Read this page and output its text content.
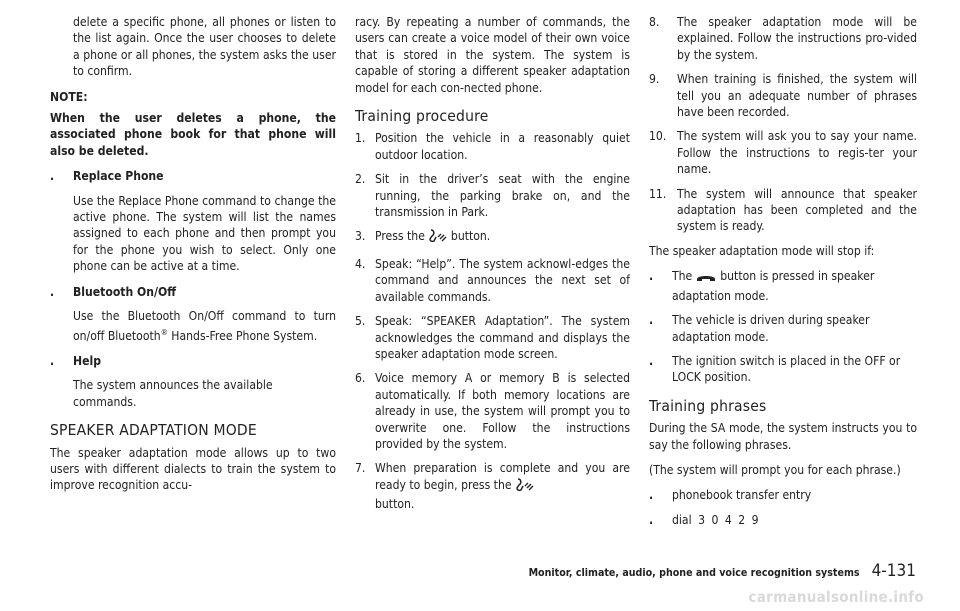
delete a specific phone, all phones or listen to the list again. Once the user chooses to delete a phone or all phones, the system asks the user to confirm.

NOTE:

When the user deletes a phone, the associated phone book for that phone will also be deleted.

.	Replace Phone

Use the Replace Phone command to change the active phone. The system will list the names assigned to each phone and then prompt you for the phone you wish to select. Only one phone can be active at a time.

.	Bluetooth On/Off

Use the Bluetooth On/Off command to turn on/off Bluetooth® Hands-Free Phone System.

.	Help

The system announces the available commands.

SPEAKER ADAPTATION MODE

The speaker adaptation mode allows up to two users with different dialects to train the system to improve recognition accu-

racy. By repeating a number of commands, the users can create a voice model of their own voice that is stored in the system. The system is capable of storing a different speaker adaptation model for each con-nected phone.

Training procedure
1. Position the vehicle in a reasonably quiet outdoor location.
2. Sit in the driver’s seat with the engine running, the parking brake on, and the transmission in Park.
3. Press the button.
4. Speak: “Help”. The system acknowl-edges the command and announces the next set of available commands.
5. Speak: “SPEAKER Adaptation”. The system acknowledges the command and displays the speaker adaptation mode screen.
6. Voice memory A or memory B is selected automatically. If both memory locations are already in use, the system will prompt you to overwrite one. Follow the instructions provided by the system.
7. When preparation is complete and you are ready to begin, press the
button.
8.	The speaker adaptation mode will be explained. Follow the instructions pro-vided by the system.
9.	When training is finished, the system will tell you an adequate number of phrases have been recorded.
10. The system will ask you to say your name. Follow the instructions to regis-ter your name.
11. The system will announce that speaker adaptation has been completed and the system is ready.

The speaker adaptation mode will stop if:

.	The button is pressed in speaker adaptation mode.
.	The vehicle is driven during speaker adaptation mode.
.	The ignition switch is placed in the OFF or LOCK position.
Training phrases

During the SA mode, the system instructs you to say the following phrases.

(The system will prompt you for each phrase.)

.	phonebook transfer entry
.	dial 3 0 4 2 9
Monitor, climate, audio, phone and voice recognition systems 4-131
carmanualsonline.info
